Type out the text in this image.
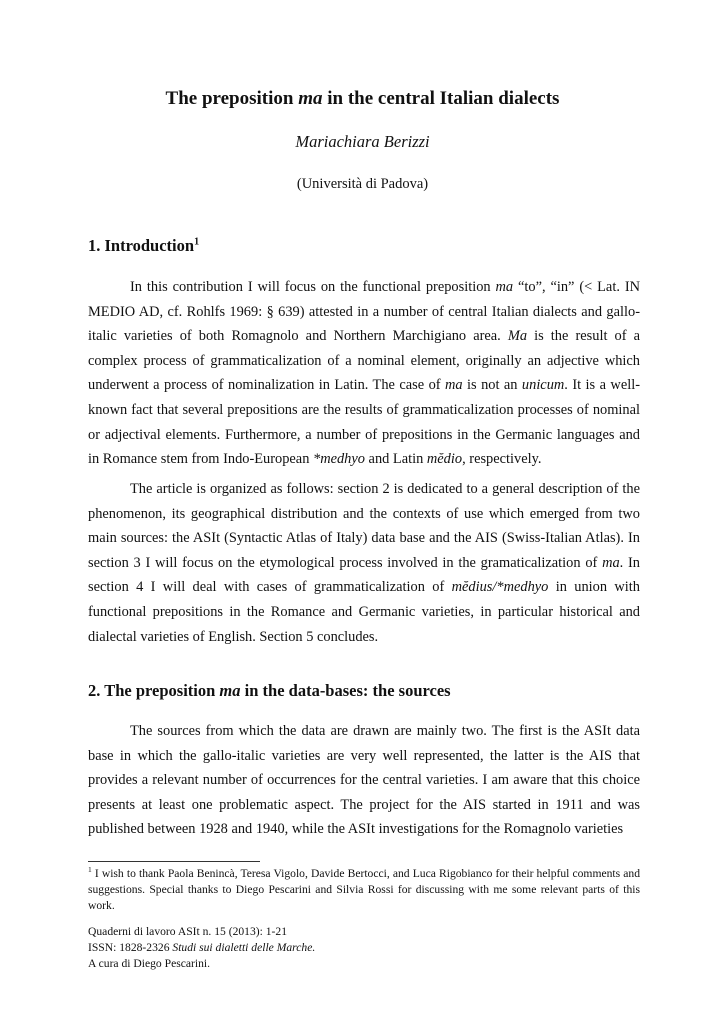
The preposition ma in the central Italian dialects
Mariachiara Berizzi
(Università di Padova)
1. Introduction$^1$

In this contribution I will focus on the functional preposition ma “to”, “in” (< Lat. IN MEDIO AD, cf. Rohlfs 1969: § 639) attested in a number of central Italian dialects and gallo-italic varieties of both Romagnolo and Northern Marchigiano area. Ma is the result of a complex process of grammaticalization of a nominal element, originally an adjective which underwent a process of nominalization in Latin. The case of ma is not an unicum. It is a well-known fact that several prepositions are the results of grammaticalization processes of nominal or adjectival elements. Furthermore, a number of prepositions in the Germanic languages and in Romance stem from Indo-European *medhyo and Latin mĕdio, respectively.

The article is organized as follows: section 2 is dedicated to a general description of the phenomenon, its geographical distribution and the contexts of use which emerged from two main sources: the ASIt (Syntactic Atlas of Italy) data base and the AIS (Swiss-Italian Atlas). In section 3 I will focus on the etymological process involved in the gramaticalization of ma. In section 4 I will deal with cases of grammaticalization of mĕdius/*medhyo in union with functional prepositions in the Romance and Germanic varieties, in particular historical and dialectal varieties of English. Section 5 concludes.

2. The preposition ma in the data-bases: the sources

The sources from which the data are drawn are mainly two. The first is the ASIt data base in which the gallo-italic varieties are very well represented, the latter is the AIS that provides a relevant number of occurrences for the central varieties. I am aware that this choice presents at least one problematic aspect. The project for the AIS started in 1911 and was published between 1928 and 1940, while the ASIt investigations for the Romagnolo varieties

$^1$ I wish to thank Paola Benincà, Teresa Vigolo, Davide Bertocci, and Luca Rigobianco for their helpful comments and suggestions. Special thanks to Diego Pescarini and Silvia Rossi for discussing with me some relevant parts of this work.

Quaderni di lavoro ASIt n. 15 (2013): 1-21
ISSN: 1828-2326 Studi sui dialetti delle Marche.
A cura di Diego Pescarini.
